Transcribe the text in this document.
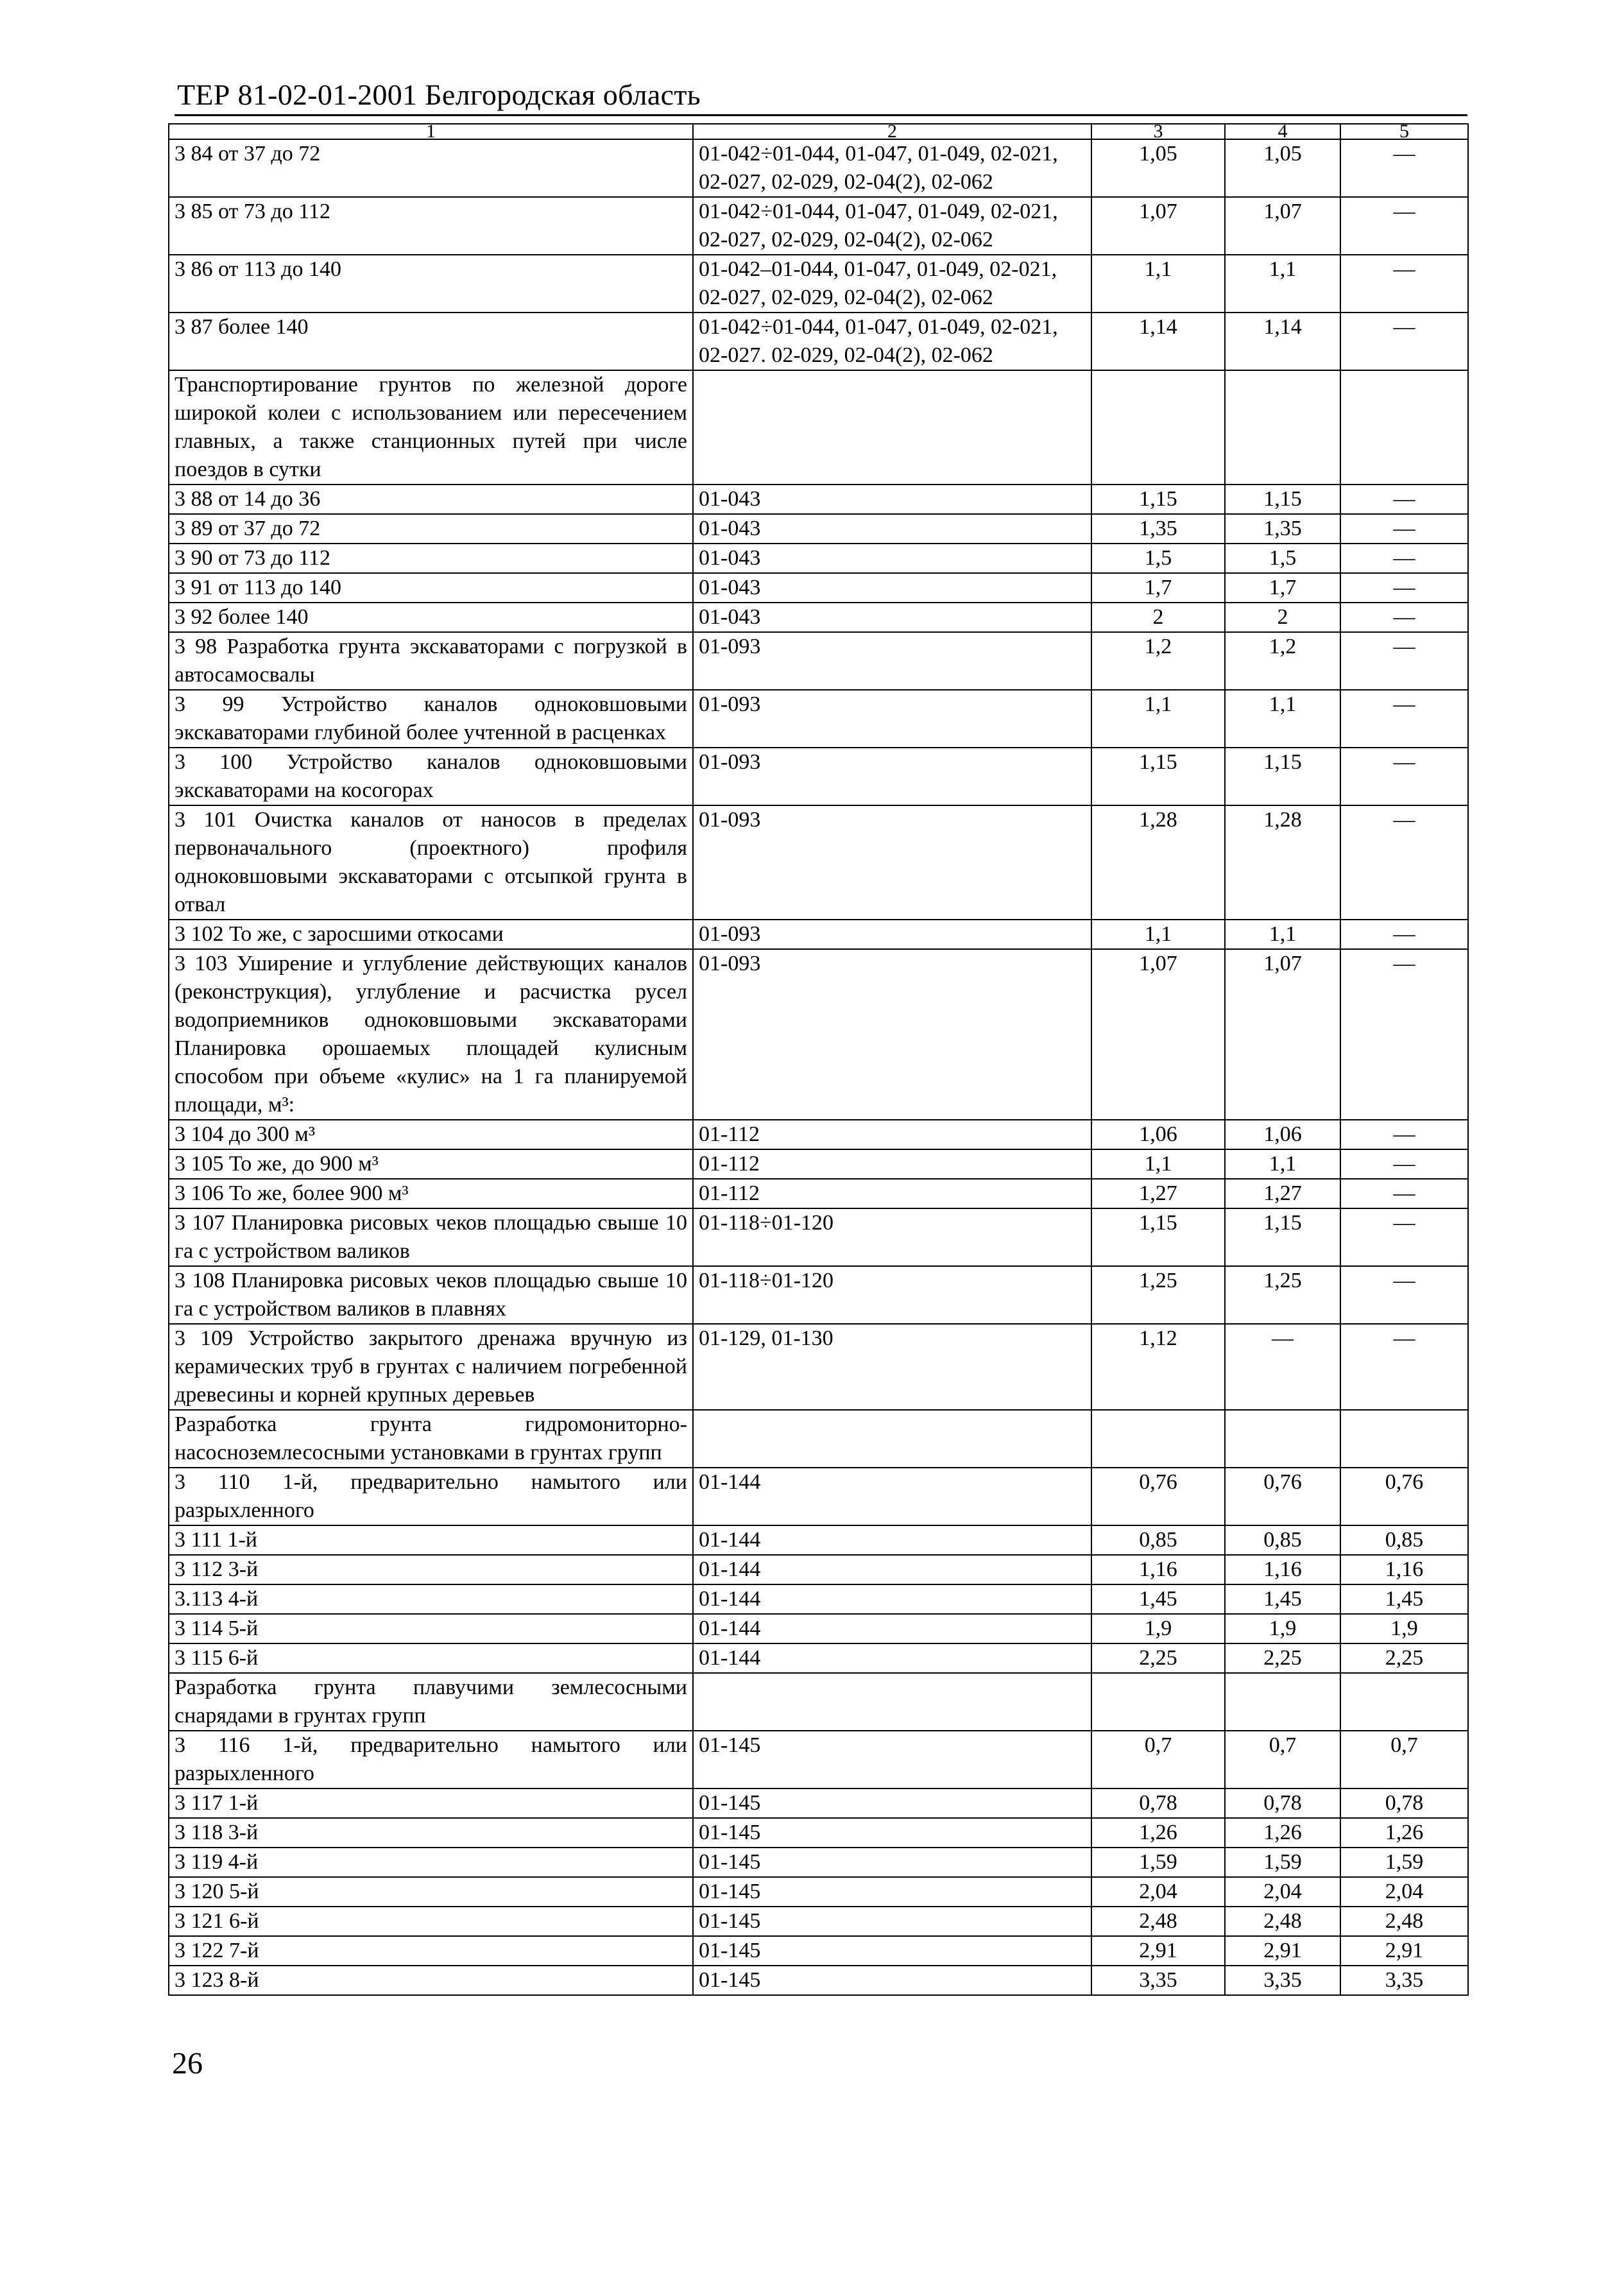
ТЕР 81-02-01-2001 Белгородская область
1	2	3	4	5
3 84 от 37 до 72	01-042÷01-044, 01-047, 01-049, 02-021, 02-027, 02-029, 02-04(2), 02-062	1,05	1,05	—
3 85 от 73 до 112	01-042÷01-044, 01-047, 01-049, 02-021, 02-027, 02-029, 02-04(2), 02-062	1,07	1,07	—
3 86 от 113 до 140	01-042–01-044, 01-047, 01-049, 02-021, 02-027, 02-029, 02-04(2), 02-062	1,1	1,1	—
3 87 более 140	01-042÷01-044, 01-047, 01-049, 02-021, 02-027. 02-029, 02-04(2), 02-062	1,14	1,14	—
Транспортирование грунтов по железной дороге широкой колеи с использованием или пересечением главных, а также станционных путей при числе поездов в сутки				
3 88 от 14 до 36	01-043	1,15	1,15	—
3 89 от 37 до 72	01-043	1,35	1,35	—
3 90 от 73 до 112	01-043	1,5	1,5	—
3 91 от 113 до 140	01-043	1,7	1,7	—
3 92 более 140	01-043	2	2	—
3 98 Разработка грунта экскаваторами с погрузкой в автосамосвалы	01-093	1,2	1,2	—
3 99 Устройство каналов одноковшовыми экскаваторами глубиной более учтенной в расценках	01-093	1,1	1,1	—
3 100 Устройство каналов одноковшовыми экскаваторами на косогорах	01-093	1,15	1,15	—
3 101 Очистка каналов от наносов в пределах первоначального (проектного) профиля одноковшовыми экскаваторами с отсыпкой грунта в отвал	01-093	1,28	1,28	—
3 102 То же, с заросшими откосами	01-093	1,1	1,1	—
3 103 Уширение и углубление действующих каналов (реконструкция), углубление и расчистка русел водоприемников одноковшовыми экскаваторами Планировка орошаемых площадей кулисным способом при объеме «кулис» на 1 га планируемой площади, м³:	01-093	1,07	1,07	—
3 104 до 300 м³	01-112	1,06	1,06	—
3 105 То же, до 900 м³	01-112	1,1	1,1	—
3 106 То же, более 900 м³	01-112	1,27	1,27	—
3 107 Планировка рисовых чеков площадью свыше 10 га с устройством валиков	01-118÷01-120	1,15	1,15	—
3 108 Планировка рисовых чеков площадью свыше 10 га с устройством валиков в плавнях	01-118÷01-120	1,25	1,25	—
3 109 Устройство закрытого дренажа вручную из керамических труб в грунтах с наличием погребенной древесины и корней крупных деревьев	01-129, 01-130	1,12	—	—
Разработка грунта гидромониторно-насосноземлесосными установками в грунтах групп				
3 110 1-й, предварительно намытого или разрыхленного	01-144	0,76	0,76	0,76
3 111 1-й	01-144	0,85	0,85	0,85
3 112 3-й	01-144	1,16	1,16	1,16
3.113 4-й	01-144	1,45	1,45	1,45
3 114 5-й	01-144	1,9	1,9	1,9
3 115 6-й	01-144	2,25	2,25	2,25
Разработка грунта плавучими землесосными снарядами в грунтах групп				
3 116 1-й, предварительно намытого или разрыхленного	01-145	0,7	0,7	0,7
3 117 1-й	01-145	0,78	0,78	0,78
3 118 3-й	01-145	1,26	1,26	1,26
3 119 4-й	01-145	1,59	1,59	1,59
3 120 5-й	01-145	2,04	2,04	2,04
3 121 6-й	01-145	2,48	2,48	2,48
3 122 7-й	01-145	2,91	2,91	2,91
3 123 8-й	01-145	3,35	3,35	3,35
26
